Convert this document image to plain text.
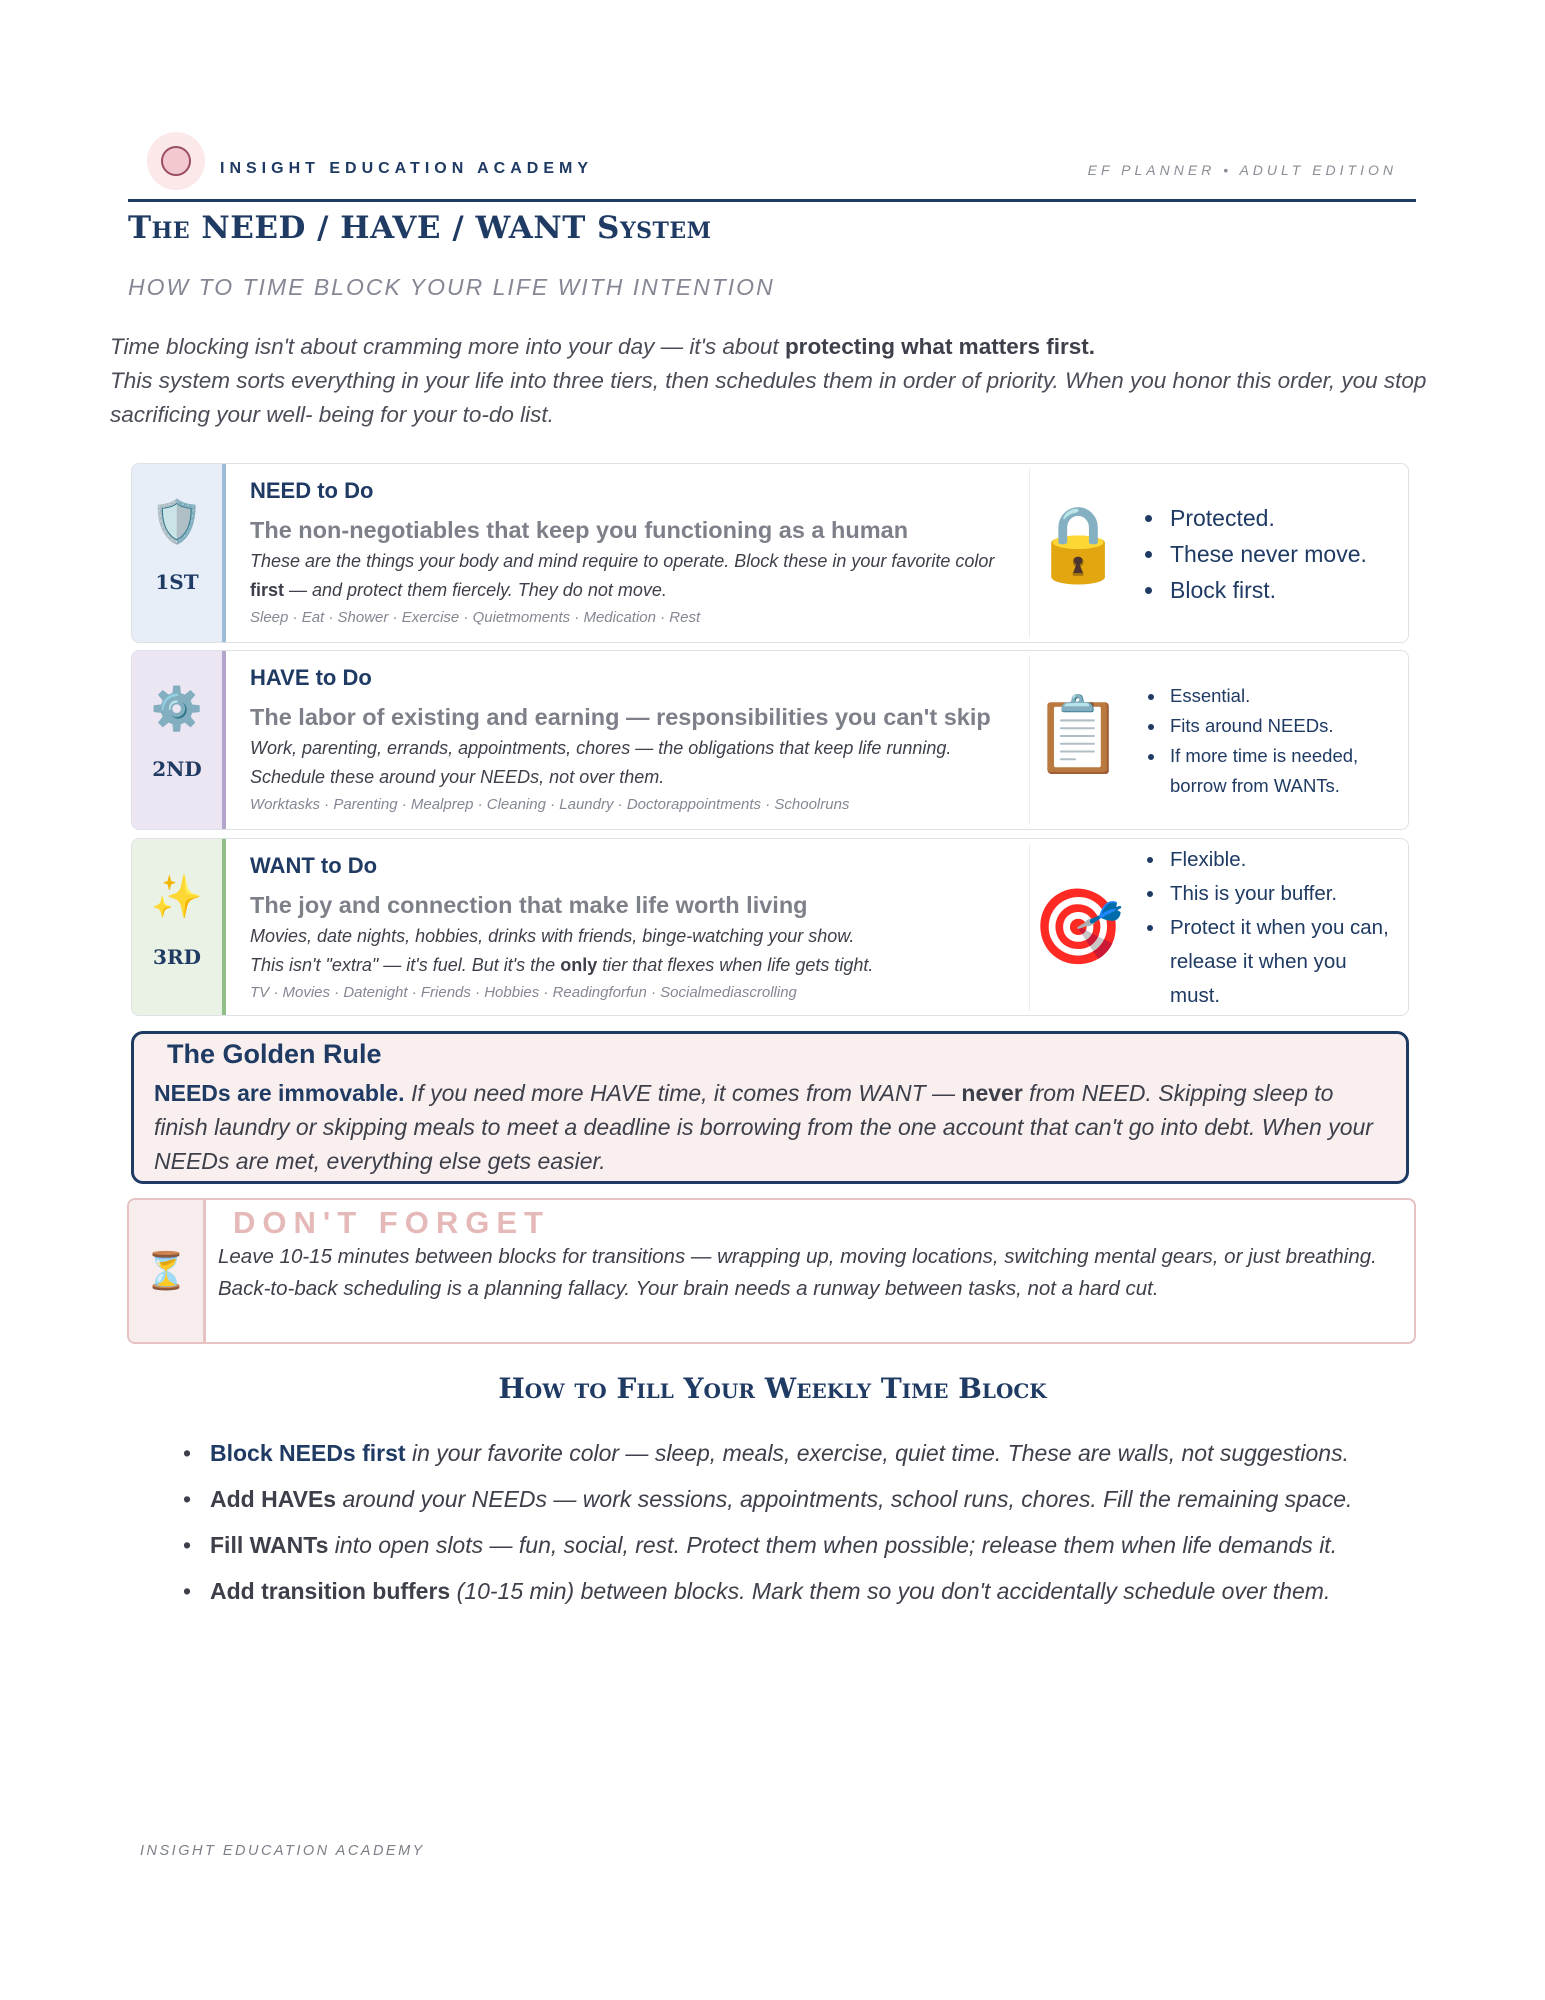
INSIGHT EDUCATION ACADEMY	EF PLANNER • ADULT EDITION
The NEED / HAVE / WANT System
HOW TO TIME BLOCK YOUR LIFE WITH INTENTION
Time blocking isn't about cramming more into your day — it's about protecting what matters first.
This system sorts everything in your life into three tiers, then schedules them in order of priority. When you honor this order, you stop sacrificing your well- being for your to-do list.
🛡️
1ST
NEED to Do
The non-negotiables that keep you functioning as a human
These are the things your body and mind require to operate. Block these in your favorite color first — and protect them fiercely. They do not move.
Sleep · Eat · Shower · Exercise · Quietmoments · Medication · Rest
🔒 • Protected.
• These never move.
• Block first.
⚙️
2ND
HAVE to Do
The labor of existing and earning — responsibilities you can't skip
Work, parenting, errands, appointments, chores — the obligations that keep life running. Schedule these around your NEEDs, not over them.
Worktasks · Parenting · Mealprep · Cleaning · Laundry · Doctorappointments · Schoolruns
📋 • Essential.
• Fits around NEEDs.
• If more time is needed, borrow from WANTs.
✨
3RD
WANT to Do
The joy and connection that make life worth living
Movies, date nights, hobbies, drinks with friends, binge-watching your show.
This isn't "extra" — it's fuel. But it's the only tier that flexes when life gets tight.
TV · Movies · Datenight · Friends · Hobbies · Readingforfun · Socialmediascrolling
🎯
• Flexible.
• This is your buffer.
• Protect it when you can, release it when you must.
The Golden Rule
NEEDs are immovable. If you need more HAVE time, it comes from WANT — never from NEED. Skipping sleep to finish laundry or skipping meals to meet a deadline is borrowing from the one account that can't go into debt. When your NEEDs are met, everything else gets easier.
⏳
DON'T FORGET
Leave 10-15 minutes between blocks for transitions — wrapping up, moving locations, switching mental gears, or just breathing. Back-to-back scheduling is a planning fallacy. Your brain needs a runway between tasks, not a hard cut.
How to Fill Your Weekly Time Block
• Block NEEDs first in your favorite color — sleep, meals, exercise, quiet time. These are walls, not suggestions.
• Add HAVEs around your NEEDs — work sessions, appointments, school runs, chores. Fill the remaining space.
• Fill WANTs into open slots — fun, social, rest. Protect them when possible; release them when life demands it.
• Add transition buffers (10-15 min) between blocks. Mark them so you don't accidentally schedule over them.
INSIGHT EDUCATION ACADEMY
